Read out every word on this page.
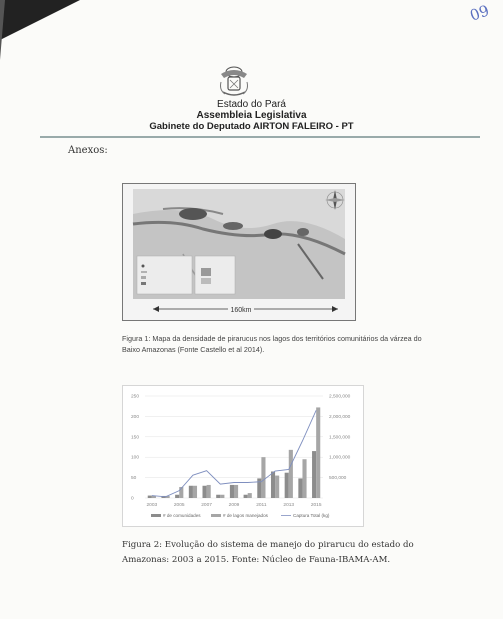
09
Estado do Pará
Assembleia Legislativa
Gabinete do Deputado AIRTON FALEIRO - PT
Anexos:
160km
Figura 1: Mapa da densidade de pirarucus nos lagos dos territórios comunitários da várzea do Baixo Amazonas (Fonte Castello et al 2014).
0
50
100
150
200
250
500,000
1,000,000
1,500,000
2,000,000
2,500,000
2003	2005	2007	2009	2011	2013	2015
# de comunidades	# de lagos manejados	Captura Total (kg)
Figura 2: Evolução do sistema de manejo do pirarucu do estado do Amazonas: 2003 a 2015. Fonte: Núcleo de Fauna-IBAMA-AM.
